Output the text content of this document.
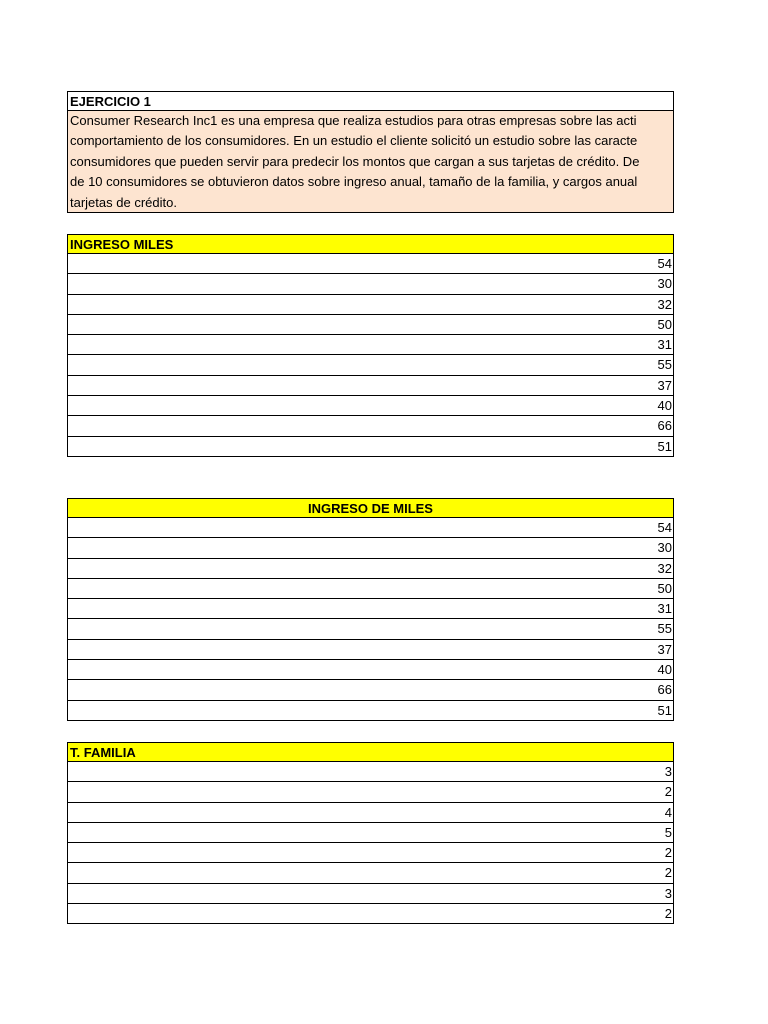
EJERCICIO 1
Consumer Research Inc1 es una empresa que realiza estudios para otras empresas sobre las acti
comportamiento de los consumidores. En un estudio el cliente solicitó un estudio sobre las caracte
consumidores que pueden servir para predecir los montos que cargan a sus tarjetas de crédito. De
de 10 consumidores se obtuvieron datos sobre ingreso anual, tamaño de la familia, y cargos anual
tarjetas de crédito.
INGRESO MILES
54
30
32
50
31
55
37
40
66
51
INGRESO DE MILES
54
30
32
50
31
55
37
40
66
51
T. FAMILIA
3
2
4
5
2
2
3
2
